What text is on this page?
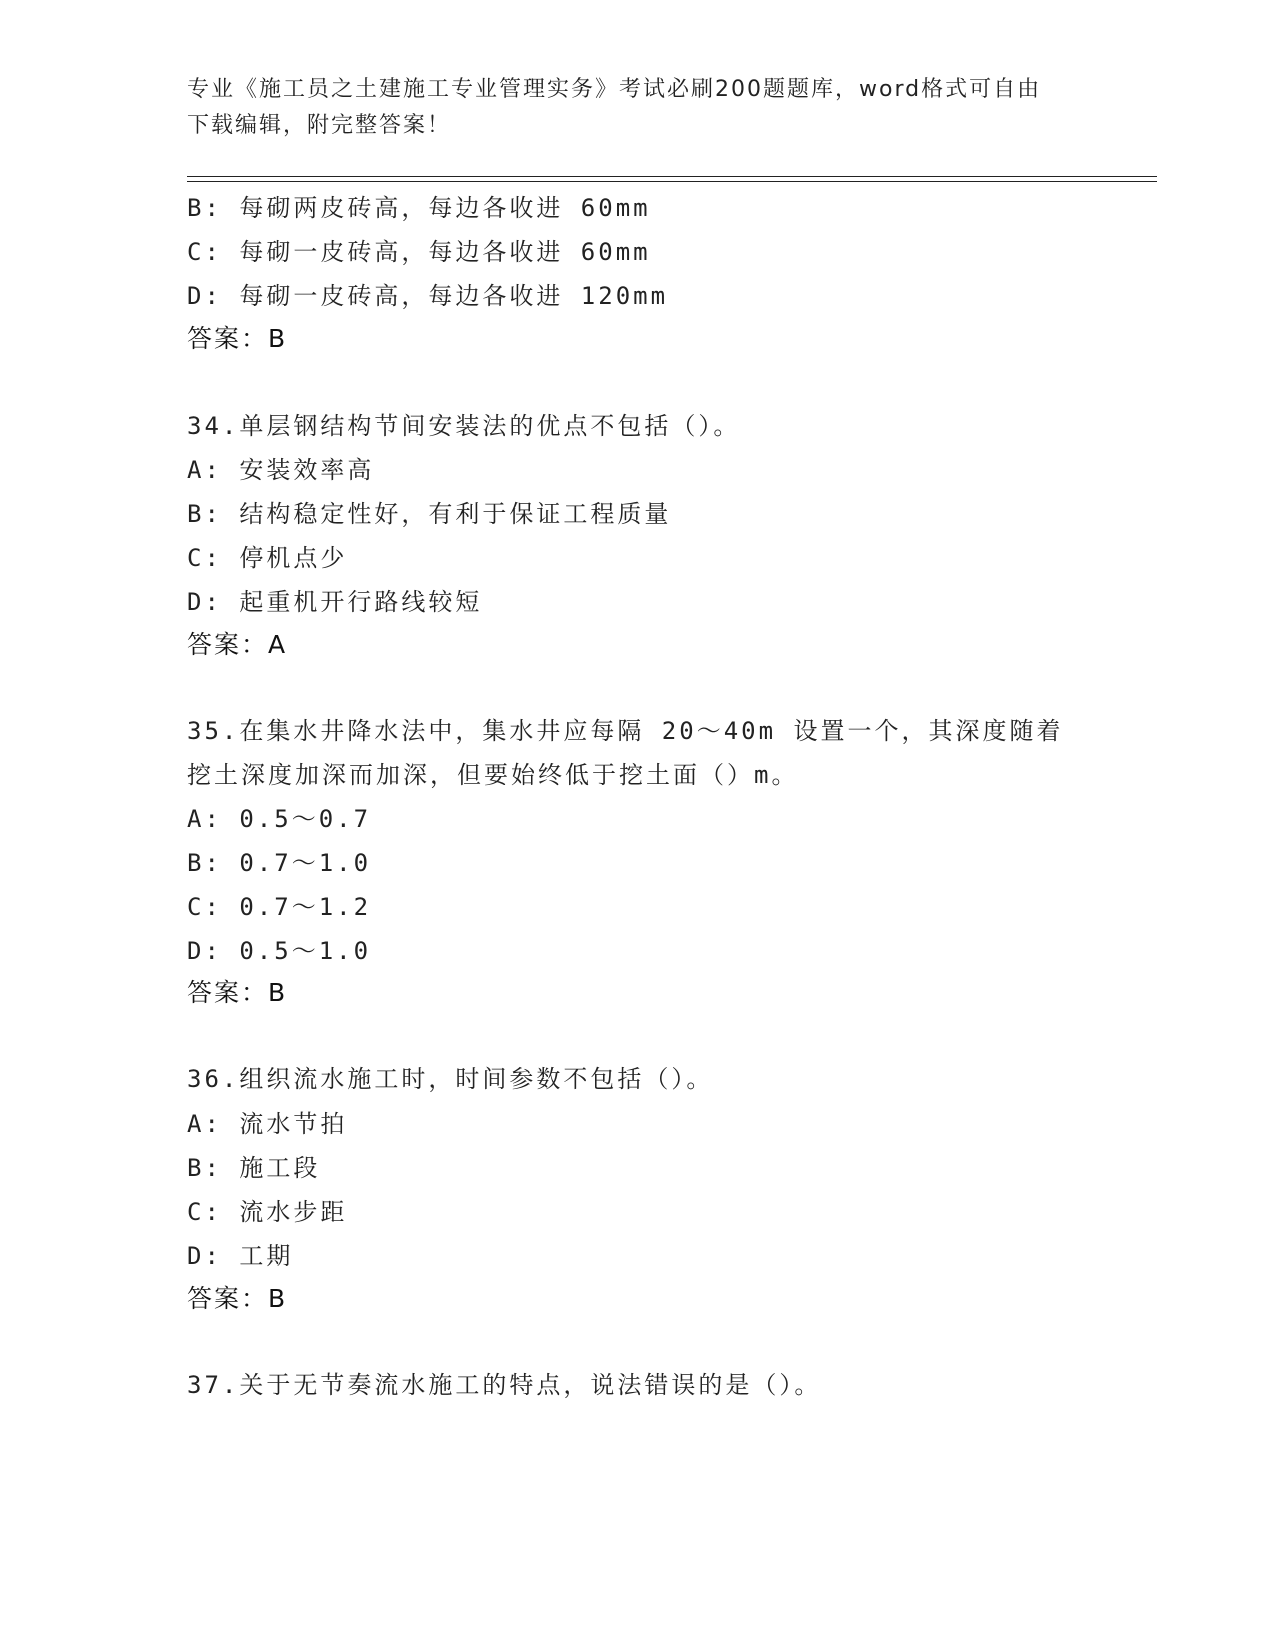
专业《施工员之土建施工专业管理实务》考试必刷200题题库，word格式可自由
下载编辑，附完整答案！
B: 每砌两皮砖高，每边各收进 60mm
C: 每砌一皮砖高，每边各收进 60mm
D: 每砌一皮砖高，每边各收进 120mm
答案：B
34.单层钢结构节间安装法的优点不包括（）。
A: 安装效率高
B: 结构稳定性好，有利于保证工程质量
C: 停机点少
D: 起重机开行路线较短
答案：A
35.在集水井降水法中，集水井应每隔 20～40m 设置一个，其深度随着
挖土深度加深而加深，但要始终低于挖土面（）m。
A: 0.5～0.7
B: 0.7～1.0
C: 0.7～1.2
D: 0.5～1.0
答案：B
36.组织流水施工时，时间参数不包括（）。
A: 流水节拍
B: 施工段
C: 流水步距
D: 工期
答案：B
37.关于无节奏流水施工的特点，说法错误的是（）。
